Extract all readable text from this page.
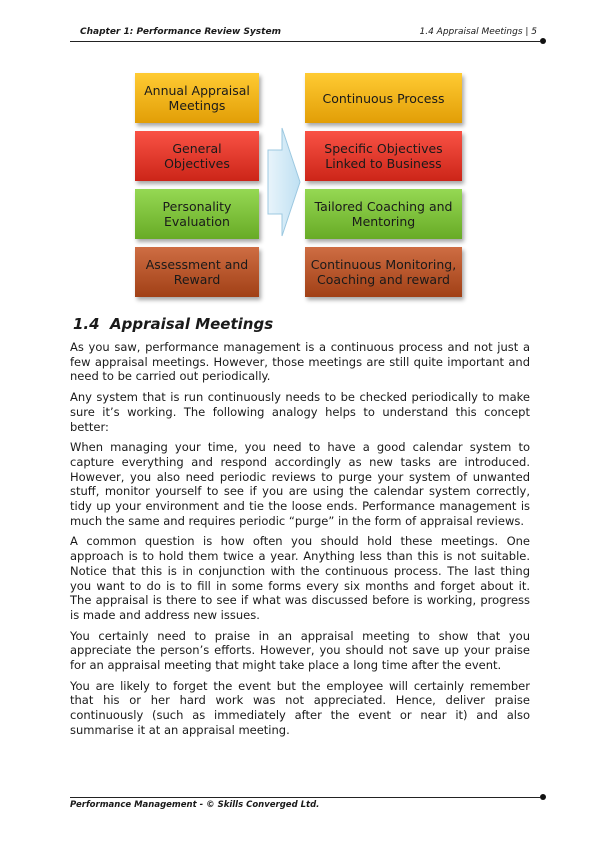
Chapter 1: Performance Review System	1.4 Appraisal Meetings | 5
Annual Appraisal Meetings
General Objectives
Personality Evaluation
Assessment and Reward
Continuous Process
Specific Objectives Linked to Business
Tailored Coaching and Mentoring
Continuous Monitoring, Coaching and reward
1.4 Appraisal Meetings

As you saw, performance management is a continuous process and not just a few appraisal meetings. However, those meetings are still quite important and need to be carried out periodically.

Any system that is run continuously needs to be checked periodically to make sure it’s working. The following analogy helps to understand this concept better:

When managing your time, you need to have a good calendar system to capture everything and respond accordingly as new tasks are introduced. However, you also need periodic reviews to purge your system of unwanted stuff, monitor yourself to see if you are using the calendar system correctly, tidy up your environment and tie the loose ends. Performance management is much the same and requires periodic “purge” in the form of appraisal reviews.

A common question is how often you should hold these meetings. One approach is to hold them twice a year. Anything less than this is not suitable. Notice that this is in conjunction with the continuous process. The last thing you want to do is to fill in some forms every six months and forget about it. The appraisal is there to see if what was discussed before is working, progress is made and address new issues.

You certainly need to praise in an appraisal meeting to show that you appreciate the person’s efforts. However, you should not save up your praise for an appraisal meeting that might take place a long time after the event.

You are likely to forget the event but the employee will certainly remember that his or her hard work was not appreciated. Hence, deliver praise continuously (such as immediately after the event or near it) and also summarise it at an appraisal meeting.

Performance Management - © Skills Converged Ltd.
